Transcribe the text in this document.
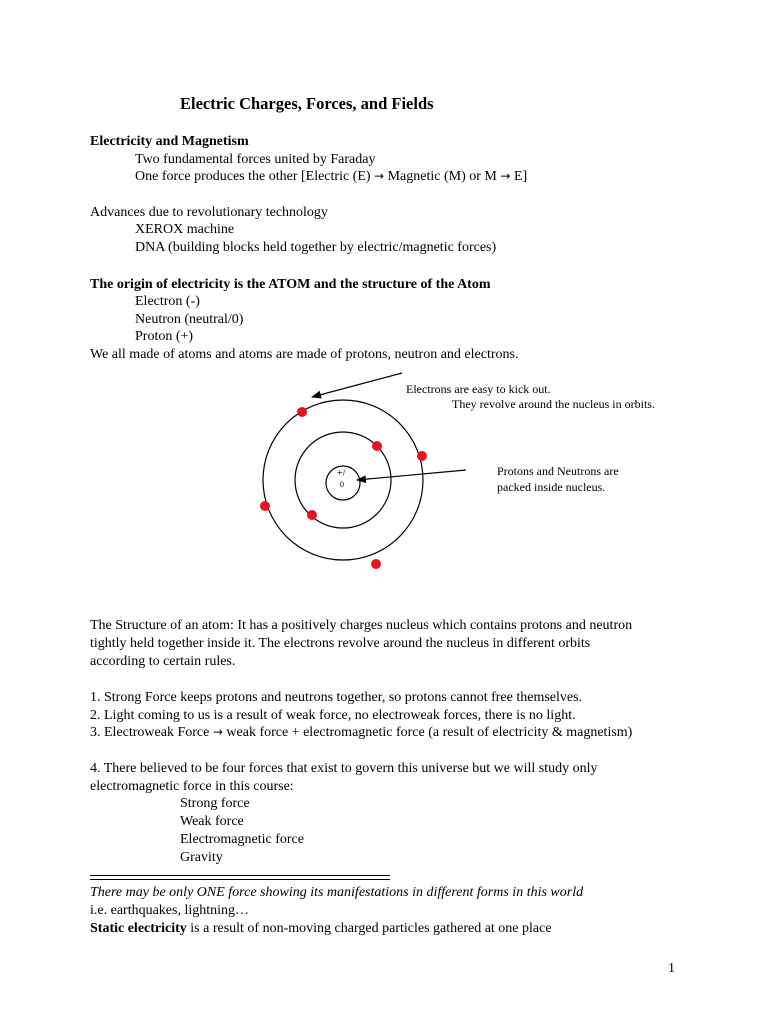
Electric Charges, Forces, and Fields
Electricity and Magnetism
Two fundamental forces united by Faraday
One force produces the other [Electric (E) → Magnetic (M) or M → E]
Advances due to revolutionary technology
XEROX machine
DNA (building blocks held together by electric/magnetic forces)
The origin of electricity is the ATOM and the structure of the Atom
Electron (-)
Neutron (neutral/0)
Proton (+)
We all made of atoms and atoms are made of protons, neutron and electrons.
+/
0
Electrons are easy to kick out.
They revolve around the nucleus in orbits.
Protons and Neutrons are
packed inside nucleus.
The Structure of an atom: It has a positively charges nucleus which contains protons and neutron
tightly held together inside it. The electrons revolve around the nucleus in different orbits
according to certain rules.
1. Strong Force keeps protons and neutrons together, so protons cannot free themselves.
2. Light coming to us is a result of weak force, no electroweak forces, there is no light.
3. Electroweak Force → weak force + electromagnetic force (a result of electricity & magnetism)
4. There believed to be four forces that exist to govern this universe but we will study only
electromagnetic force in this course:
Strong force
Weak force
Electromagnetic force
Gravity
There may be only ONE force showing its manifestations in different forms in this world
i.e. earthquakes, lightning…
Static electricity is a result of non-moving charged particles gathered at one place
1
